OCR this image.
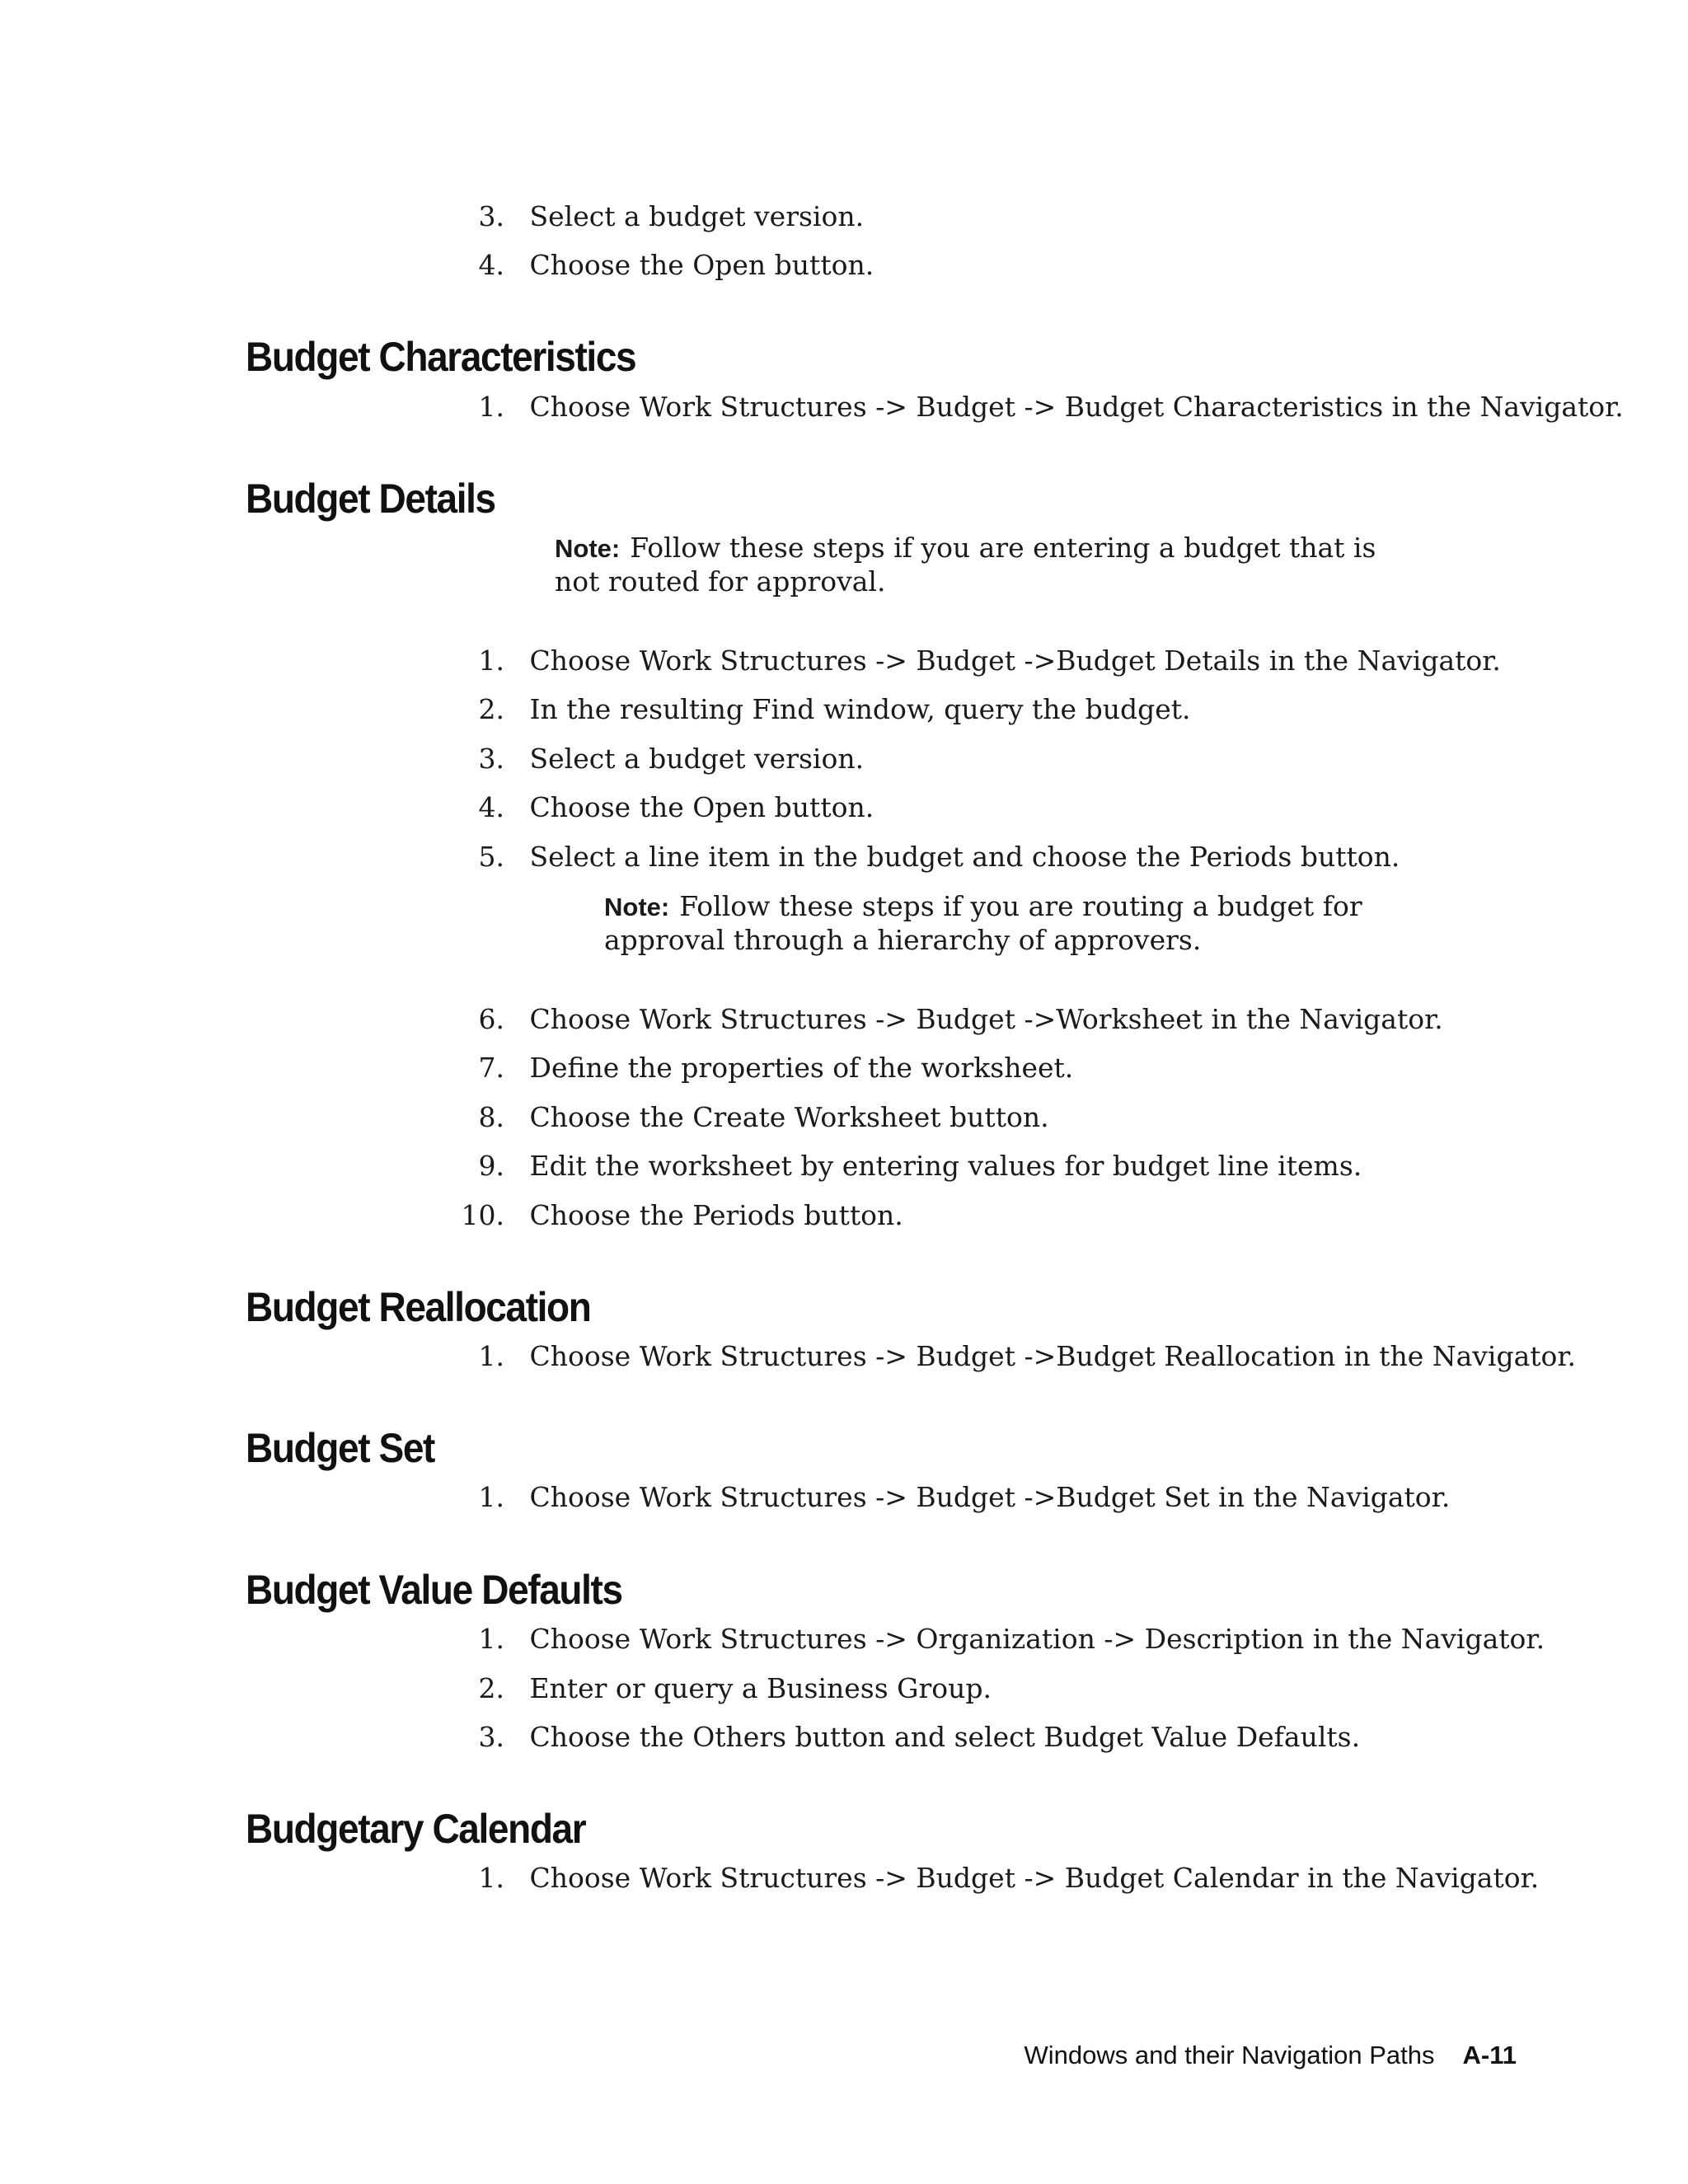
3. Select a budget version.
4. Choose the Open button.
Budget Characteristics
1. Choose Work Structures -> Budget -> Budget Characteristics in the Navigator.
Budget Details
Note: Follow these steps if you are entering a budget that is not routed for approval.
1. Choose Work Structures -> Budget ->Budget Details in the Navigator.
2. In the resulting Find window, query the budget.
3. Select a budget version.
4. Choose the Open button.
5. Select a line item in the budget and choose the Periods button.
Note: Follow these steps if you are routing a budget for approval through a hierarchy of approvers.
6. Choose Work Structures -> Budget ->Worksheet in the Navigator.
7. Define the properties of the worksheet.
8. Choose the Create Worksheet button.
9. Edit the worksheet by entering values for budget line items.
10. Choose the Periods button.
Budget Reallocation
1. Choose Work Structures -> Budget ->Budget Reallocation in the Navigator.
Budget Set
1. Choose Work Structures -> Budget ->Budget Set in the Navigator.
Budget Value Defaults
1. Choose Work Structures -> Organization -> Description in the Navigator.
2. Enter or query a Business Group.
3. Choose the Others button and select Budget Value Defaults.
Budgetary Calendar
1. Choose Work Structures -> Budget -> Budget Calendar in the Navigator.
Windows and their Navigation Paths A-11
